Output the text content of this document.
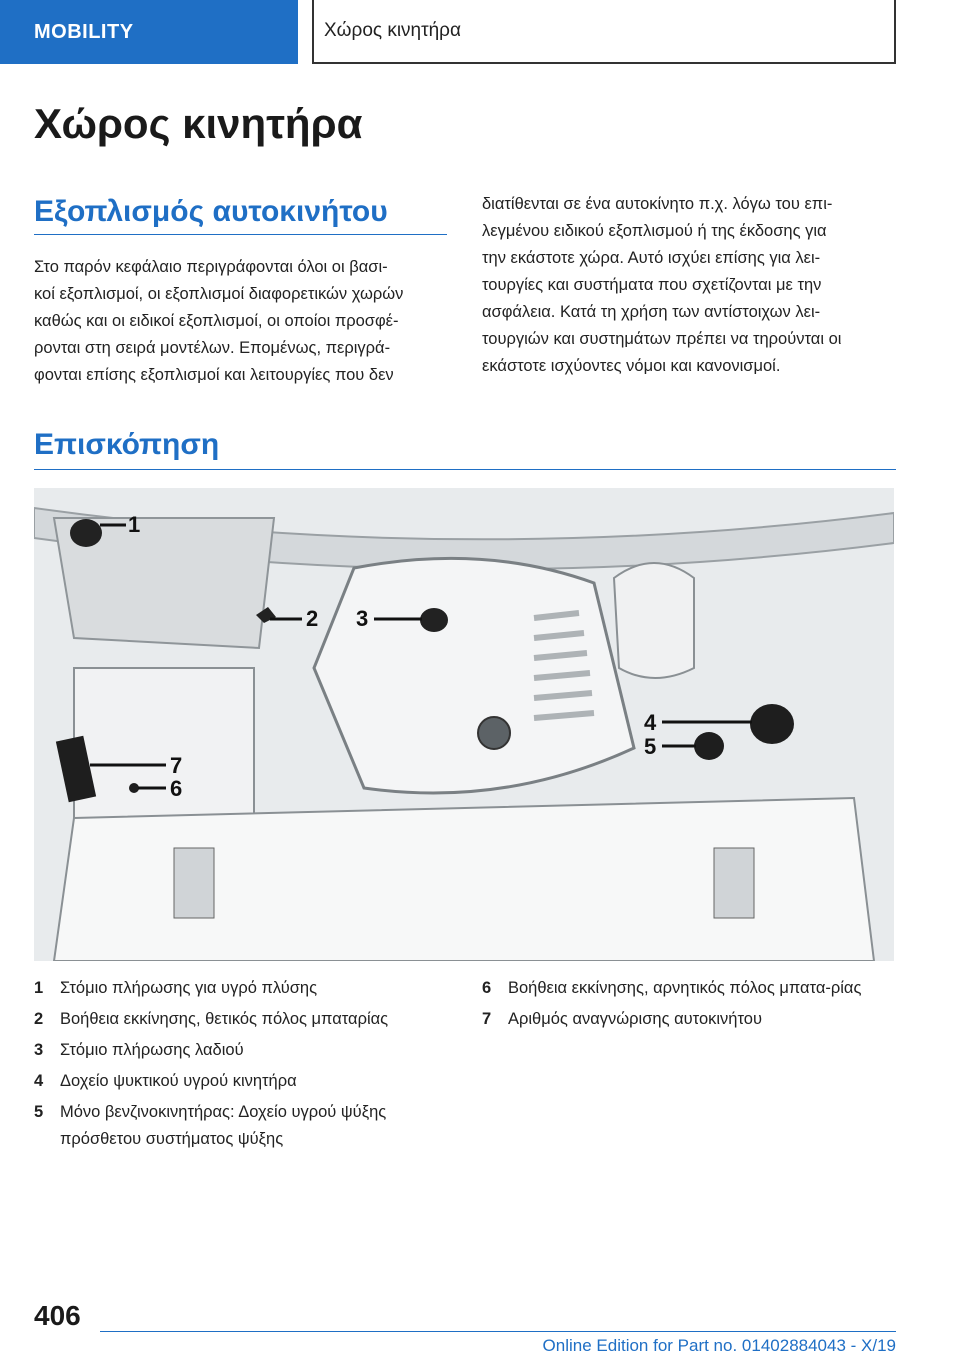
MOBILITY	Χώρος κινητήρα
Χώρος κινητήρα
Εξοπλισμός αυτοκινήτου

Στο παρόν κεφάλαιο περιγράφονται όλοι οι βασι-
κοί εξοπλισμοί, οι εξοπλισμοί διαφορετικών χωρών
καθώς και οι ειδικοί εξοπλισμοί, οι οποίοι προσφέ-
ρονται στη σειρά μοντέλων. Επομένως, περιγρά-
φονται επίσης εξοπλισμοί και λειτουργίες που δεν

διατίθενται σε ένα αυτοκίνητο π.χ. λόγω του επι-
λεγμένου ειδικού εξοπλισμού ή της έκδοσης για
την εκάστοτε χώρα. Αυτό ισχύει επίσης για λει-
τουργίες και συστήματα που σχετίζονται με την
ασφάλεια. Κατά τη χρήση των αντίστοιχων λει-
τουργιών και συστημάτων πρέπει να τηρούνται οι
εκάστοτε ισχύοντες νόμοι και κανονισμοί.

Επισκόπηση
1
2 3
4
5
6
7
1	Στόμιο πλήρωσης για υγρό πλύσης
2	Βοήθεια εκκίνησης, θετικός πόλος μπαταρίας
3	Στόμιο πλήρωσης λαδιού
4	Δοχείο ψυκτικού υγρού κινητήρα
5	Μόνο βενζινοκινητήρας: Δοχείο υγρού ψύξης πρόσθετου συστήματος ψύξης
6	Βοήθεια εκκίνησης, αρνητικός πόλος μπατα-ρίας
7	Αριθμός αναγνώρισης αυτοκινήτου
406
Online Edition for Part no. 01402884043 - X/19
